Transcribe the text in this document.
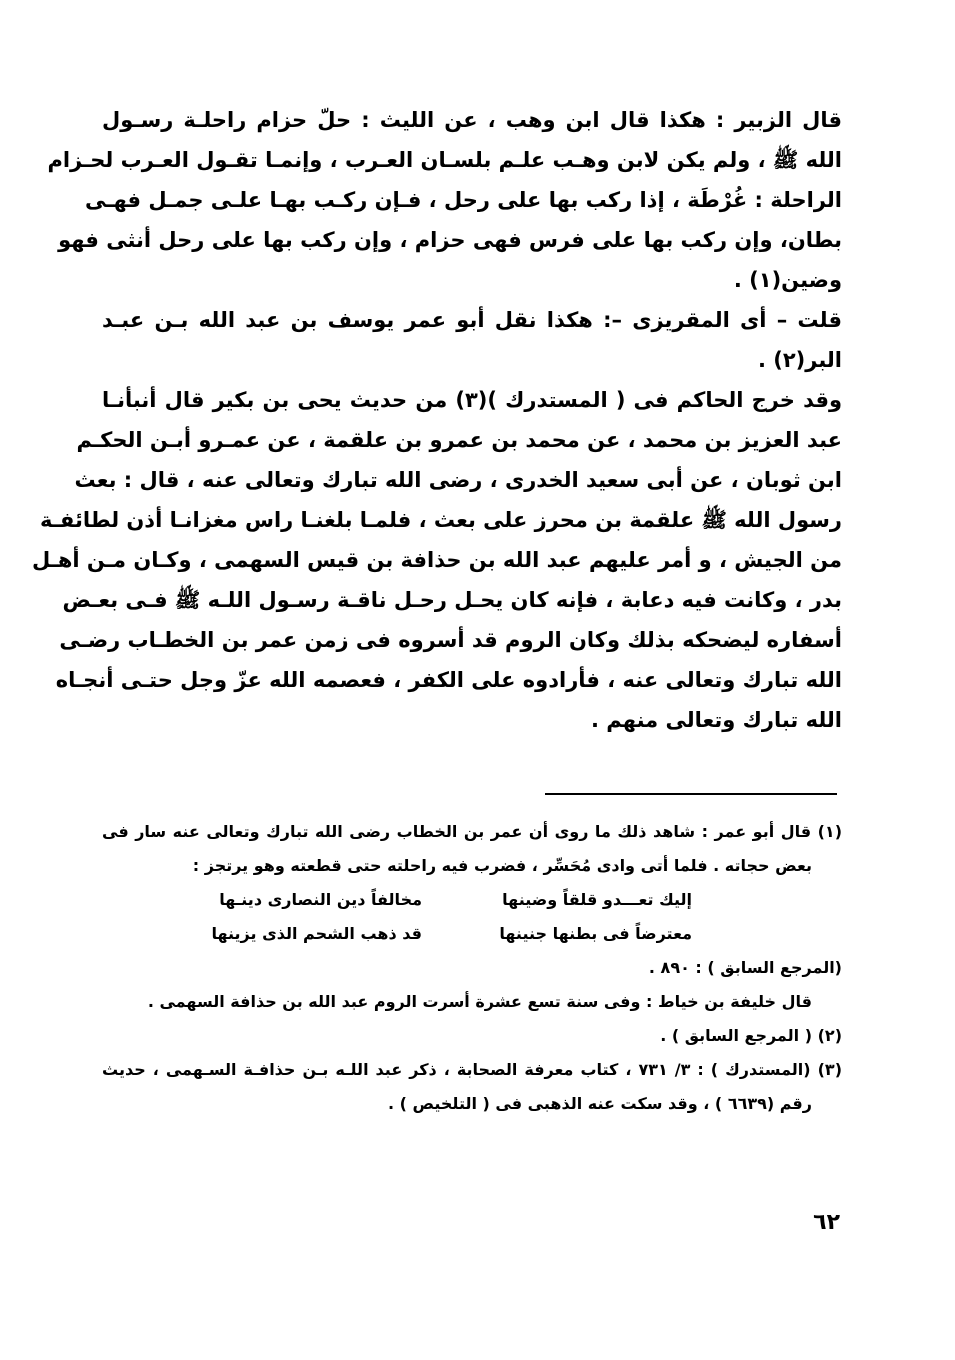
قال الزبير : هكذا قال ابن وهب ، عن الليث : حلّ حزام راحلـة رسـول
الله ﷺ ، ولم يكن لابن وهـب علـم بلسـان العـرب ، وإنمـا تقـول العـرب لحـزام
الراحلة : غُرْطَة ، إذا ركب بها على رحل ، فـإن ركـب بهـا علـى جمـل فهـى
بطان، وإن ركب بها على فرس فهى حزام ، وإن ركب بها على رحل أنثى فهو
وضين(١) .
قلت – أى المقريزى –: هكذا نقل أبو عمر يوسف بن عبد الله بـن عبـد
البر(٢) .
وقد خرج الحاكم فى ( المستدرك )(٣) من حديث يحى بن بكير قال أنبأنـا
عبد العزيز بن محمد ، عن محمد بن عمرو بن علقمة ، عن عمـرو أبـن الحكـم
ابن ثوبان ، عن أبى سعيد الخدرى ، رضى الله تبارك وتعالى عنه ، قال : بعث
رسول الله ﷺ علقمة بن محرز على بعث ، فلمـا بلغنـا راس مغزانـا أذن لطائفـة
من الجيش ، و أمر عليهم عبد الله بن حذافة بن قيس السهمى ، وكـان مـن أهـل
بدر ، وكانت فيه دعابة ، فإنه كان يحـل رحـل ناقـة رسـول اللـه ﷺ فـى بعـض
أسفاره ليضحكه بذلك وكان الروم قد أسروه فى زمن عمر بن الخطـاب رضـى
الله تبارك وتعالى عنه ، فأرادوه على الكفر ، فعصمه الله عزّ وجل حتـى أنجـاه
الله تبارك وتعالى منهم .
(١) قال أبو عمر : شاهد ذلك ما روى أن عمر بن الخطاب رضى الله تبارك وتعالى عنه سار فى
بعض حجاته . فلما أتى وادى مُحَسِّر ، فضرب فيه راحلته حتى قطعته وهو يرتجز :
إليك تعـــدو قلقاً وضينها
مخالفاً دين النصارى دينـها
معترضاً فى بطنها جنينها
قد ذهب الشحم الذى يزينها
(المرجع السابق ) : ٨٩٠ .
قال خليفة بن خياط : وفى سنة تسع عشرة أسرت الروم عبد الله بن حذافة السهمى .
(٢) ( المرجع السابق ) .
(٣) (المستدرك ) : ٣/ ٧٣١ ، كتاب معرفة الصحابة ، ذكر عبد اللـه بـن حذافـة السـهمى ، حديث
رقم (٦٦٣٩ ) ، وقد سكت عنه الذهبى فى ( التلخيص ) .
٦٢
